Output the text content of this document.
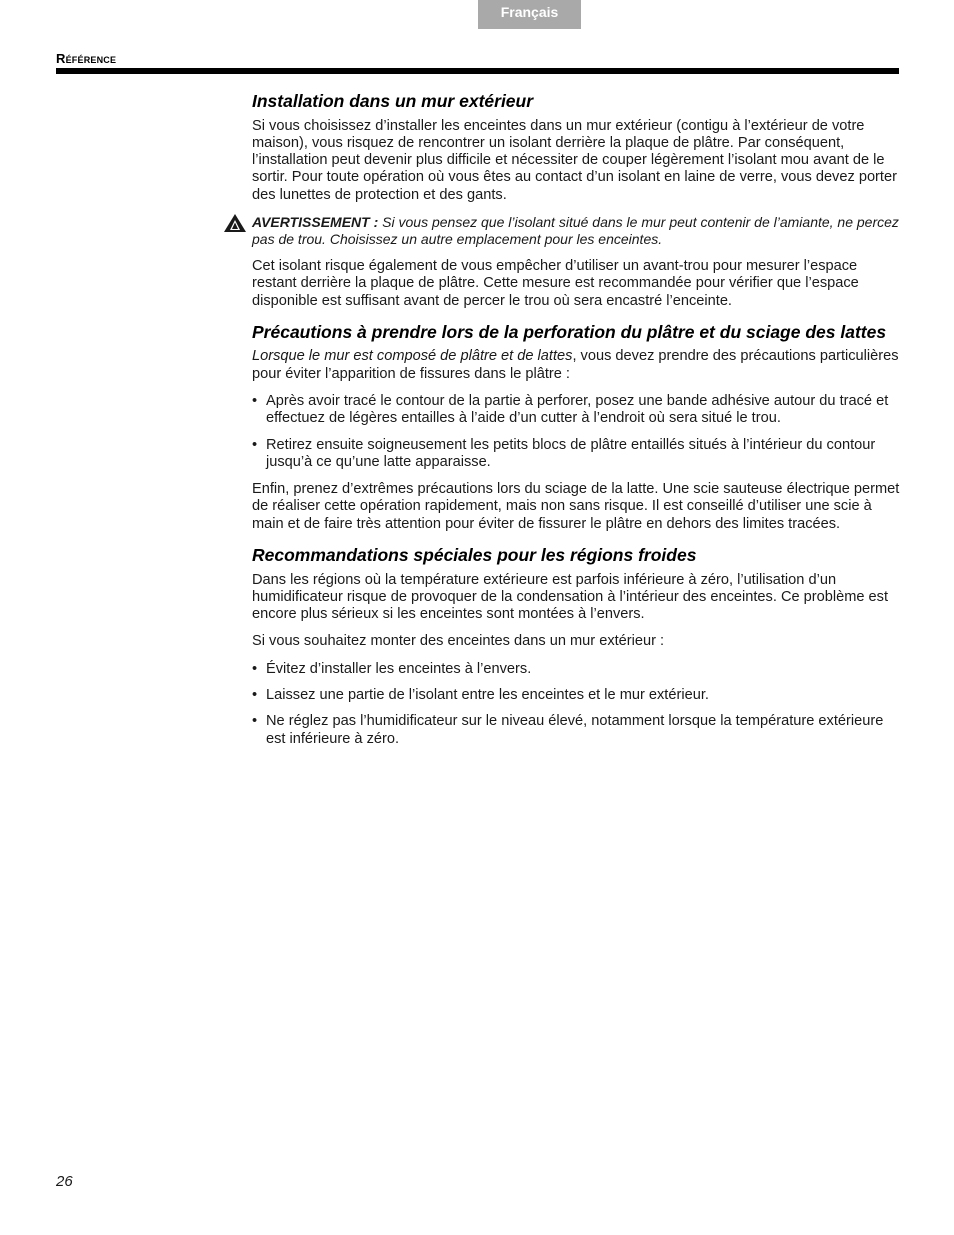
Français
Référence
Installation dans un mur extérieur

Si vous choisissez d’installer les enceintes dans un mur extérieur (contigu à l’extérieur de votre maison), vous risquez de rencontrer un isolant derrière la plaque de plâtre. Par conséquent, l’installation peut devenir plus difficile et nécessiter de couper légèrement l’isolant mou avant de le sortir. Pour toute opération où vous êtes au contact d’un isolant en laine de verre, vous devez porter des lunettes de protection et des gants.

AVERTISSEMENT : Si vous pensez que l’isolant situé dans le mur peut contenir de l’amiante, ne percez pas de trou. Choisissez un autre emplacement pour les enceintes.

Cet isolant risque également de vous empêcher d’utiliser un avant-trou pour mesurer l’espace restant derrière la plaque de plâtre. Cette mesure est recommandée pour vérifier que l’espace disponible est suffisant avant de percer le trou où sera encastré l’enceinte.

Précautions à prendre lors de la perforation du plâtre et du sciage des lattes

Lorsque le mur est composé de plâtre et de lattes, vous devez prendre des précautions particulières pour éviter l’apparition de fissures dans le plâtre :

• Après avoir tracé le contour de la partie à perforer, posez une bande adhésive autour du tracé et effectuez de légères entailles à l’aide d’un cutter à l’endroit où sera situé le trou.
• Retirez ensuite soigneusement les petits blocs de plâtre entaillés situés à l’intérieur du contour jusqu’à ce qu’une latte apparaisse.

Enfin, prenez d’extrêmes précautions lors du sciage de la latte. Une scie sauteuse électrique permet de réaliser cette opération rapidement, mais non sans risque. Il est conseillé d’utiliser une scie à main et de faire très attention pour éviter de fissurer le plâtre en dehors des limites tracées.

Recommandations spéciales pour les régions froides

Dans les régions où la température extérieure est parfois inférieure à zéro, l’utilisation d’un humidificateur risque de provoquer de la condensation à l’intérieur des enceintes. Ce problème est encore plus sérieux si les enceintes sont montées à l’envers.

Si vous souhaitez monter des enceintes dans un mur extérieur :

• Évitez d’installer les enceintes à l’envers.
• Laissez une partie de l’isolant entre les enceintes et le mur extérieur.
• Ne réglez pas l’humidificateur sur le niveau élevé, notamment lorsque la température extérieure est inférieure à zéro.
26
